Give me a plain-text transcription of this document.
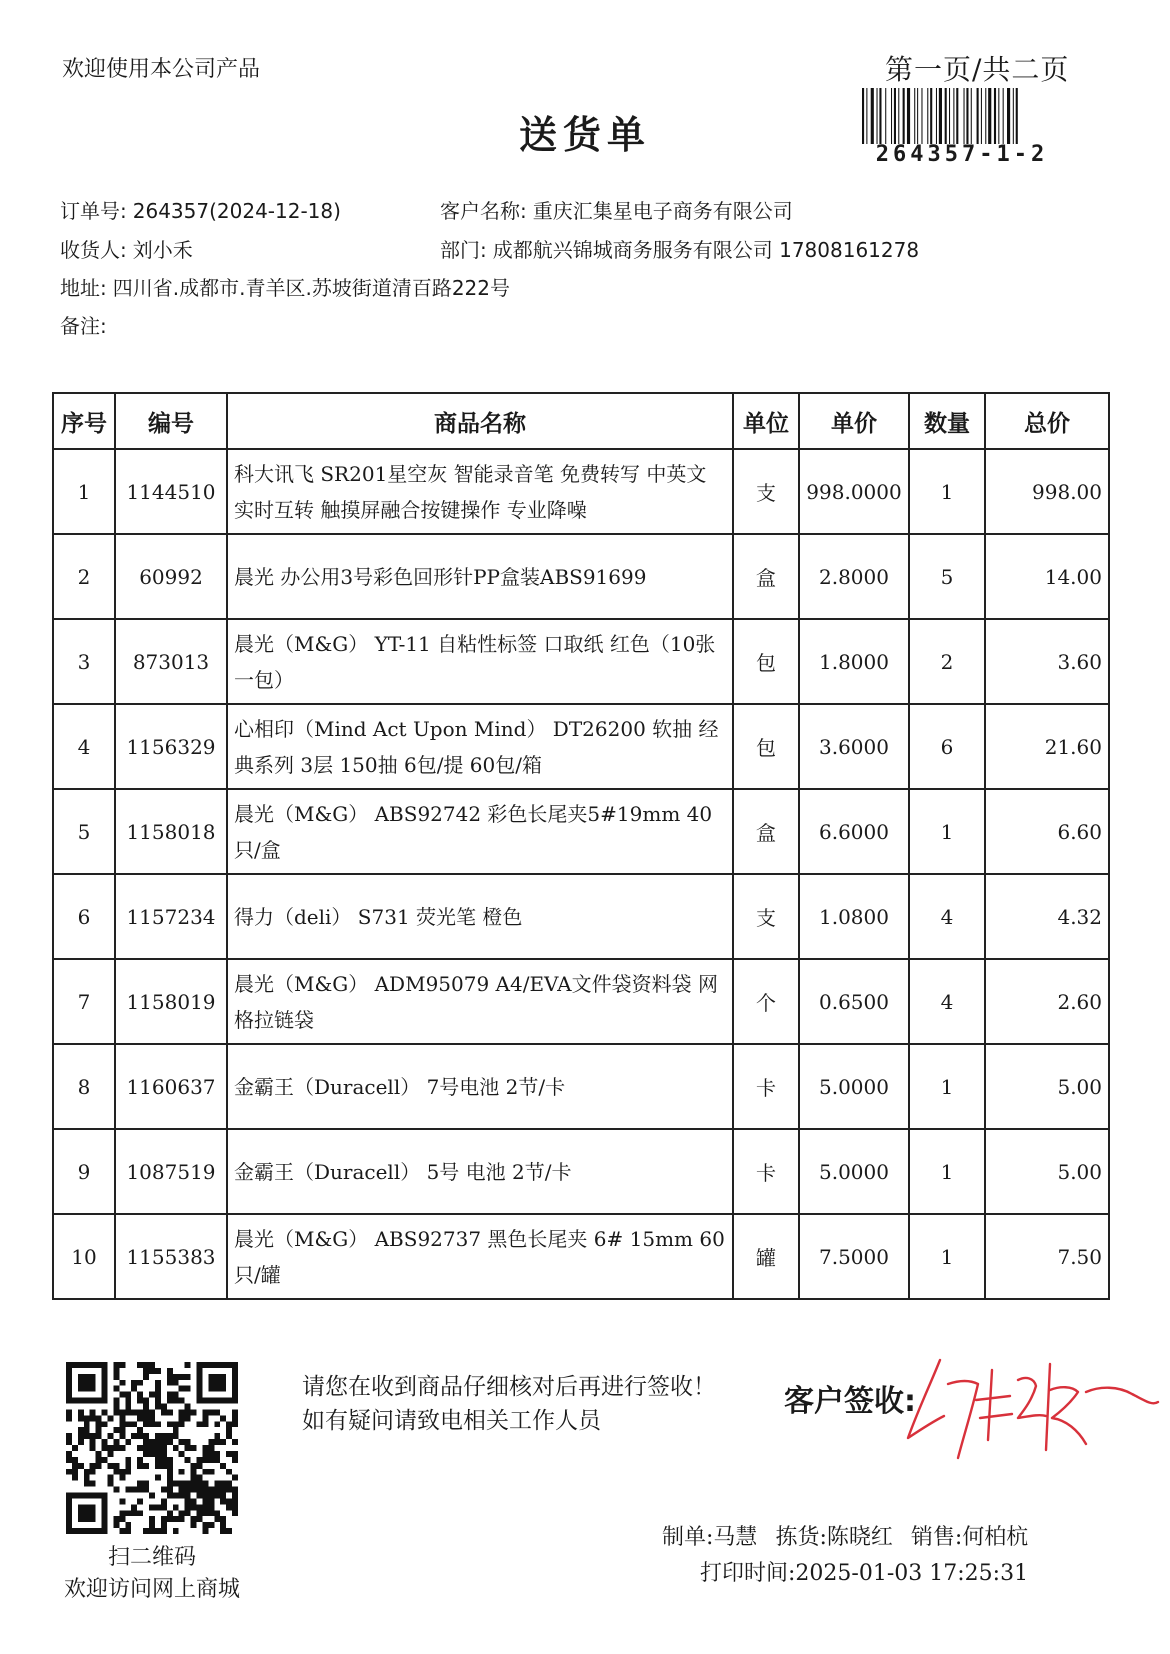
欢迎使用本公司产品	第一页/共二页
264357-1-2
送货单
订单号: 264357(2024-12-18)	客户名称: 重庆汇集星电子商务有限公司
收货人: 刘小禾	部门: 成都航兴锦城商务服务有限公司 17808161278
地址: 四川省.成都市.青羊区.苏坡街道清百路222号
备注:
序号	编号	商品名称	单位	单价	数量	总价
1	1144510	科大讯飞 SR201星空灰 智能录音笔 免费转写 中英文实时互转 触摸屏融合按键操作 专业降噪	支	998.0000	1	998.00
2	60992	晨光 办公用3号彩色回形针PP盒装ABS91699	盒	2.8000	5	14.00
3	873013	晨光（M&G） YT-11 自粘性标签 口取纸 红色（10张一包）	包	1.8000	2	3.60
4	1156329	心相印（Mind Act Upon Mind） DT26200 软抽 经典系列 3层 150抽 6包/提 60包/箱	包	3.6000	6	21.60
5	1158018	晨光（M&G） ABS92742 彩色长尾夹5#19mm 40只/盒	盒	6.6000	1	6.60
6	1157234	得力（deli） S731 荧光笔 橙色	支	1.0800	4	4.32
7	1158019	晨光（M&G） ADM95079 A4/EVA文件袋资料袋 网格拉链袋	个	0.6500	4	2.60
8	1160637	金霸王（Duracell） 7号电池 2节/卡	卡	5.0000	1	5.00
9	1087519	金霸王（Duracell） 5号 电池 2节/卡	卡	5.0000	1	5.00
10	1155383	晨光（M&G） ABS92737 黑色长尾夹 6# 15mm 60只/罐	罐	7.5000	1	7.50
扫二维码
欢迎访问网上商城
请您在收到商品仔细核对后再进行签收！如有疑问请致电相关工作人员
客户签收:
制单:马慧 拣货:陈晓红 销售:何柏杭
打印时间:2025-01-03 17:25:31
